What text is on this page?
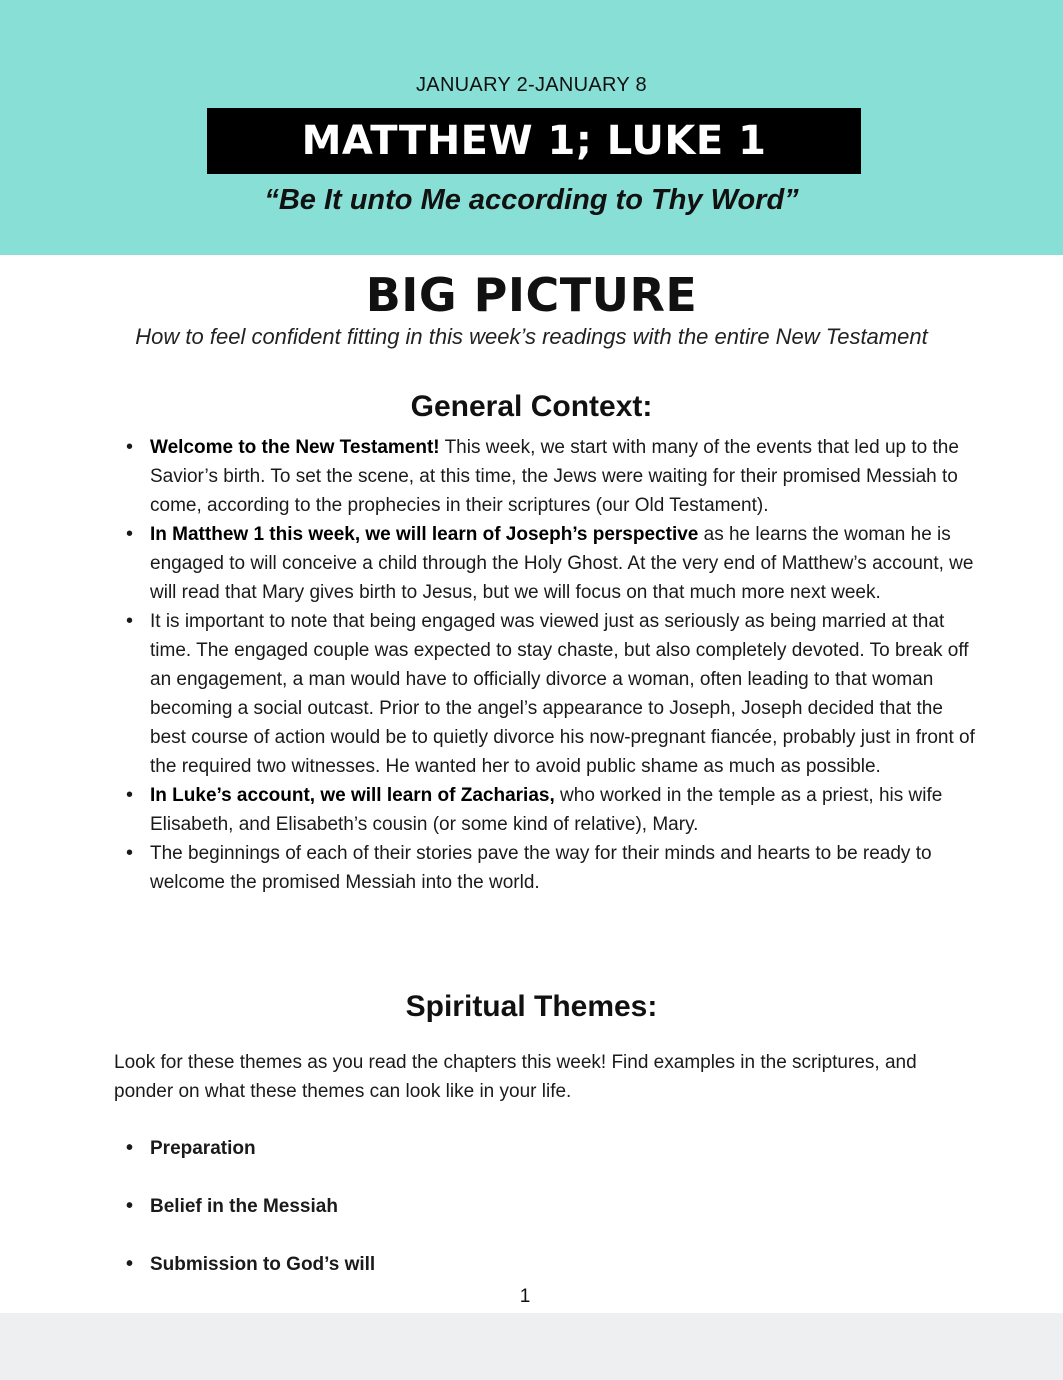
JANUARY 2-JANUARY 8
MATTHEW 1; LUKE 1
“Be It unto Me according to Thy Word”
BIG PICTURE
How to feel confident fitting in this week’s readings with the entire New Testament
General Context:
• Welcome to the New Testament! This week, we start with many of the events that led up to the Savior’s birth. To set the scene, at this time, the Jews were waiting for their promised Messiah to come, according to the prophecies in their scriptures (our Old Testament).
• In Matthew 1 this week, we will learn of Joseph’s perspective as he learns the woman he is engaged to will conceive a child through the Holy Ghost. At the very end of Matthew’s account, we will read that Mary gives birth to Jesus, but we will focus on that much more next week.
• It is important to note that being engaged was viewed just as seriously as being married at that time. The engaged couple was expected to stay chaste, but also completely devoted. To break off an engagement, a man would have to officially divorce a woman, often leading to that woman becoming a social outcast. Prior to the angel’s appearance to Joseph, Joseph decided that the best course of action would be to quietly divorce his now-pregnant fiancée, probably just in front of the required two witnesses. He wanted her to avoid public shame as much as possible.
• In Luke’s account, we will learn of Zacharias, who worked in the temple as a priest, his wife Elisabeth, and Elisabeth’s cousin (or some kind of relative), Mary.
• The beginnings of each of their stories pave the way for their minds and hearts to be ready to welcome the promised Messiah into the world.
Spiritual Themes:
Look for these themes as you read the chapters this week! Find examples in the scriptures, and ponder on what these themes can look like in your life.
• Preparation
• Belief in the Messiah
• Submission to God’s will
1
